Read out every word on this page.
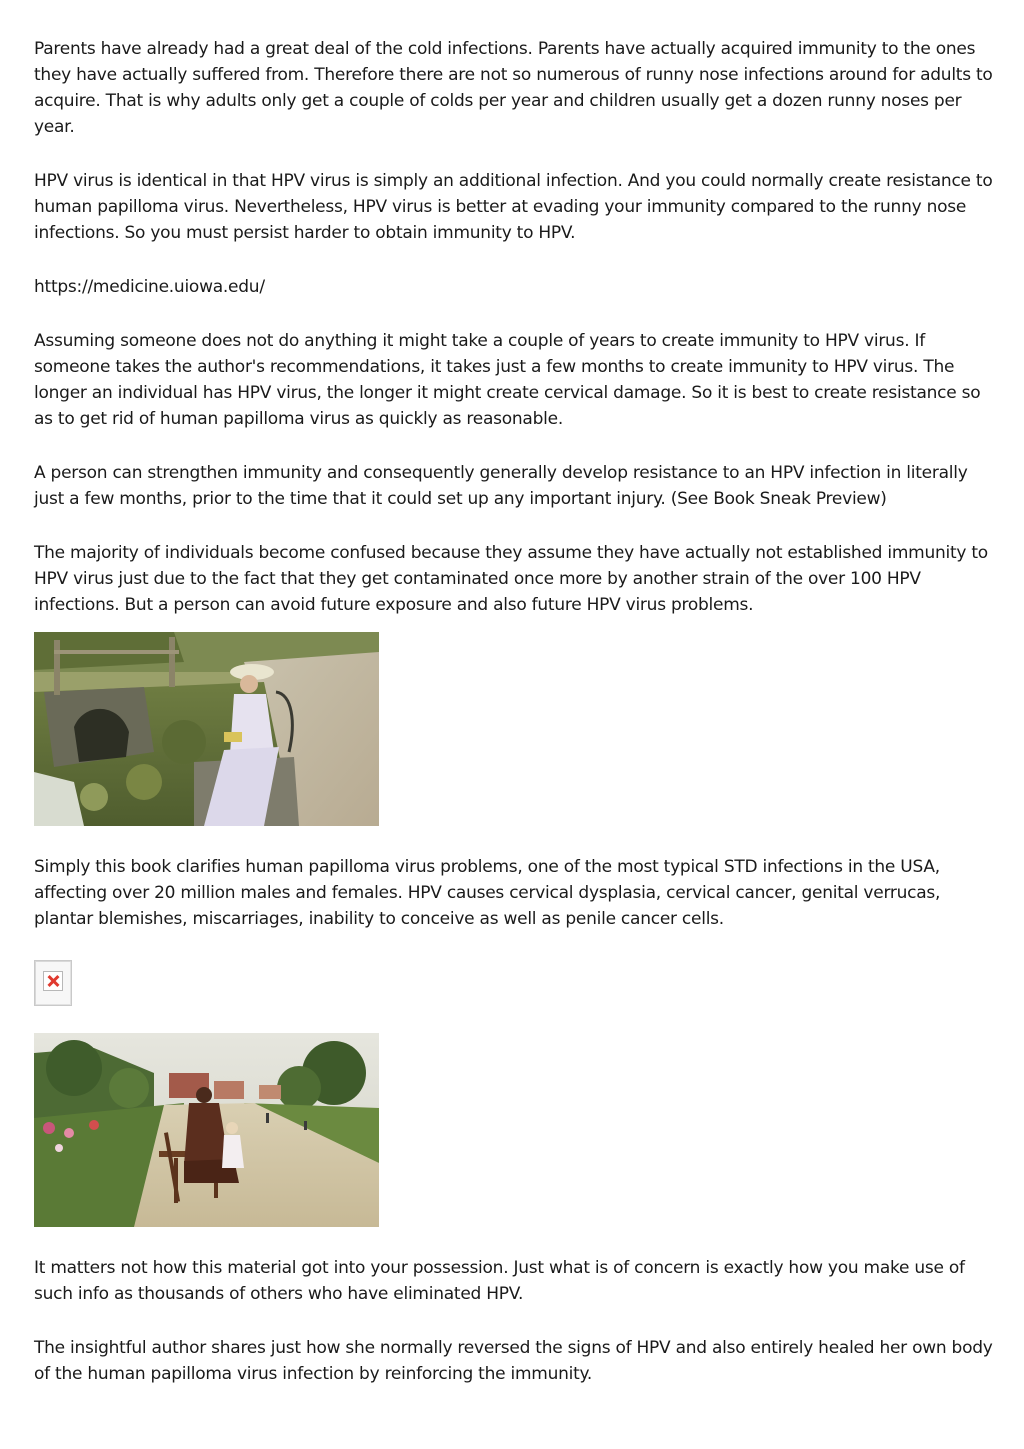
Parents have already had a great deal of the cold infections. Parents have actually acquired immunity to the ones they have actually suffered from. Therefore there are not so numerous of runny nose infections around for adults to acquire. That is why adults only get a couple of colds per year and children usually get a dozen runny noses per year.

HPV virus is identical in that HPV virus is simply an additional infection. And you could normally create resistance to human papilloma virus. Nevertheless, HPV virus is better at evading your immunity compared to the runny nose infections. So you must persist harder to obtain immunity to HPV.

https://medicine.uiowa.edu/

Assuming someone does not do anything it might take a couple of years to create immunity to HPV virus. If someone takes the author's recommendations, it takes just a few months to create immunity to HPV virus. The longer an individual has HPV virus, the longer it might create cervical damage. So it is best to create resistance so as to get rid of human papilloma virus as quickly as reasonable.

A person can strengthen immunity and consequently generally develop resistance to an HPV infection in literally just a few months, prior to the time that it could set up any important injury. (See Book Sneak Preview)

The majority of individuals become confused because they assume they have actually not established immunity to HPV virus just due to the fact that they get contaminated once more by another strain of the over 100 HPV infections. But a person can avoid future exposure and also future HPV virus problems.

Simply this book clarifies human papilloma virus problems, one of the most typical STD infections in the USA, affecting over 20 million males and females. HPV causes cervical dysplasia, cervical cancer, genital verrucas, plantar blemishes, miscarriages, inability to conceive as well as penile cancer cells.

It matters not how this material got into your possession. Just what is of concern is exactly how you make use of such info as thousands of others who have eliminated HPV.

The insightful author shares just how she normally reversed the signs of HPV and also entirely healed her own body of the human papilloma virus infection by reinforcing the immunity.
